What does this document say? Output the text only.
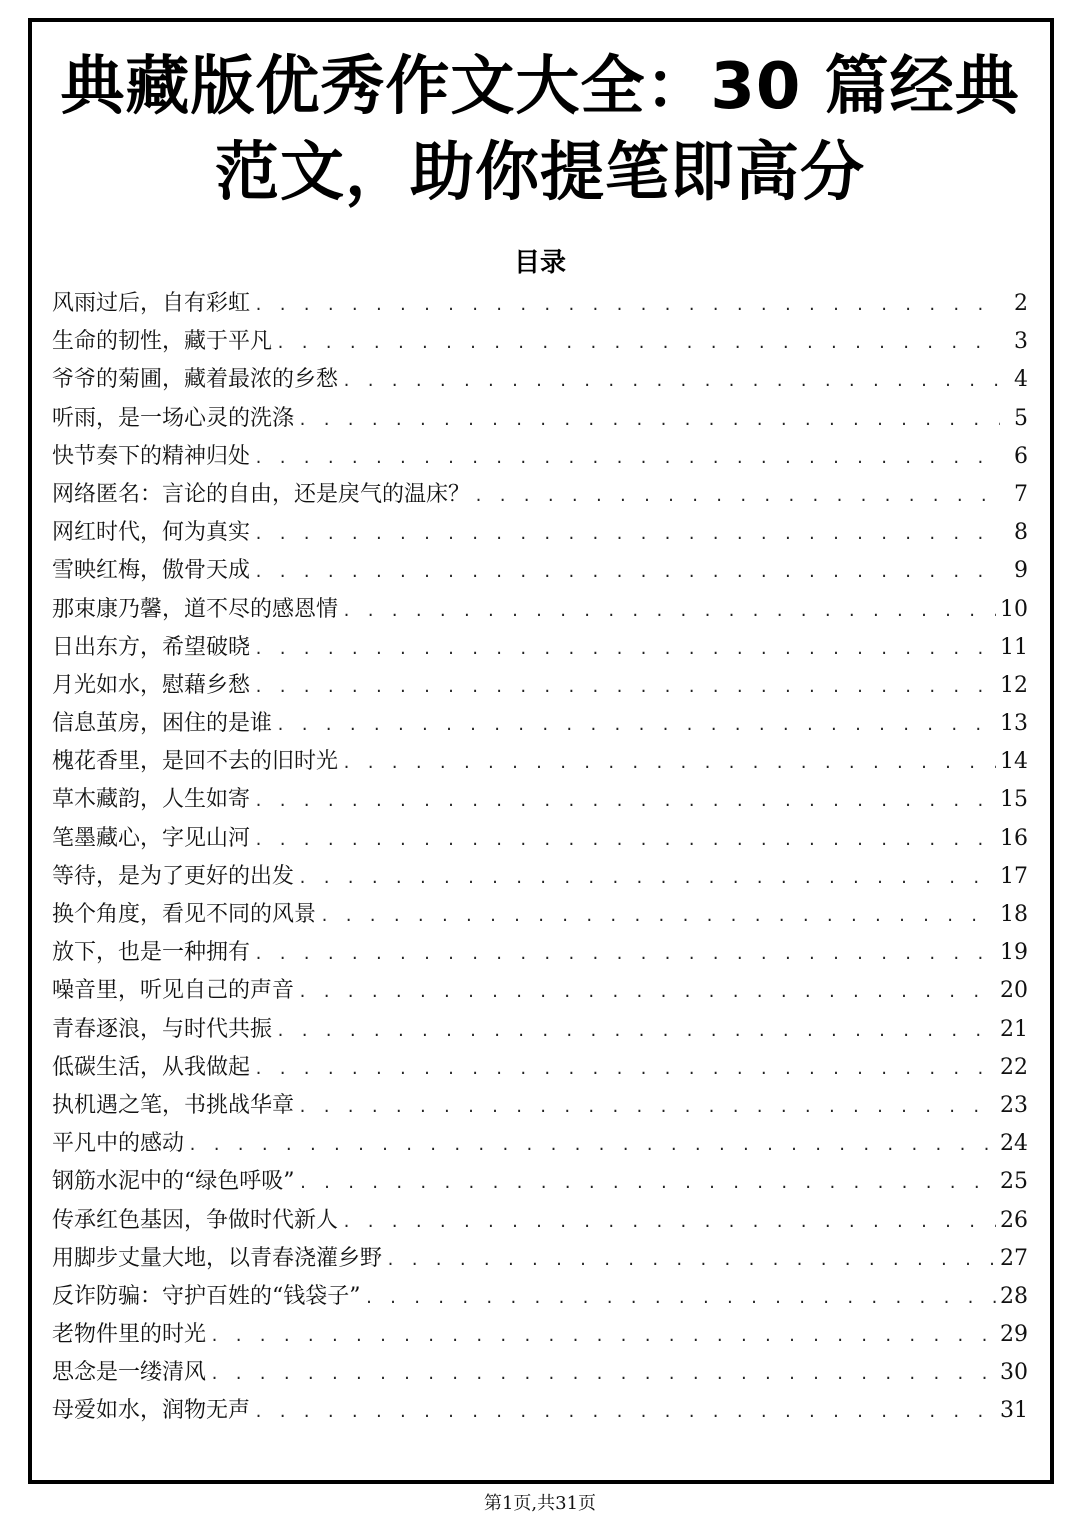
典藏版优秀作文大全：30 篇经典范文，助你提笔即高分
目录
风雨过后，自有彩虹 . . .	2
生命的韧性，藏于平凡 . . .	3
爷爷的菊圃，藏着最浓的乡愁 . . .	4
听雨，是一场心灵的洗涤 . . .	5
快节奏下的精神归处 . . .	6
网络匿名：言论的自由，还是戾气的温床？ . . .	7
网红时代，何为真实 . . .	8
雪映红梅，傲骨天成 . . .	9
那束康乃馨，道不尽的感恩情 . . .	10
日出东方，希望破晓 . . .	11
月光如水，慰藉乡愁 . . .	12
信息茧房，困住的是谁 . . .	13
槐花香里，是回不去的旧时光 . . .	14
草木藏韵，人生如寄 . . .	15
笔墨藏心，字见山河 . . .	16
等待，是为了更好的出发 . . .	17
换个角度，看见不同的风景 . . .	18
放下，也是一种拥有 . . .	19
噪音里，听见自己的声音 . . .	20
青春逐浪，与时代共振 . . .	21
低碳生活，从我做起 . . .	22
执机遇之笔，书挑战华章 . . .	23
平凡中的感动 . . .	24
钢筋水泥中的“绿色呼吸” . . .	25
传承红色基因，争做时代新人 . . .	26
用脚步丈量大地，以青春浇灌乡野 . . .	27
反诈防骗：守护百姓的“钱袋子” . . .	28
老物件里的时光 . . .	29
思念是一缕清风 . . .	30
母爱如水，润物无声 . . .	31
第1页,共31页
